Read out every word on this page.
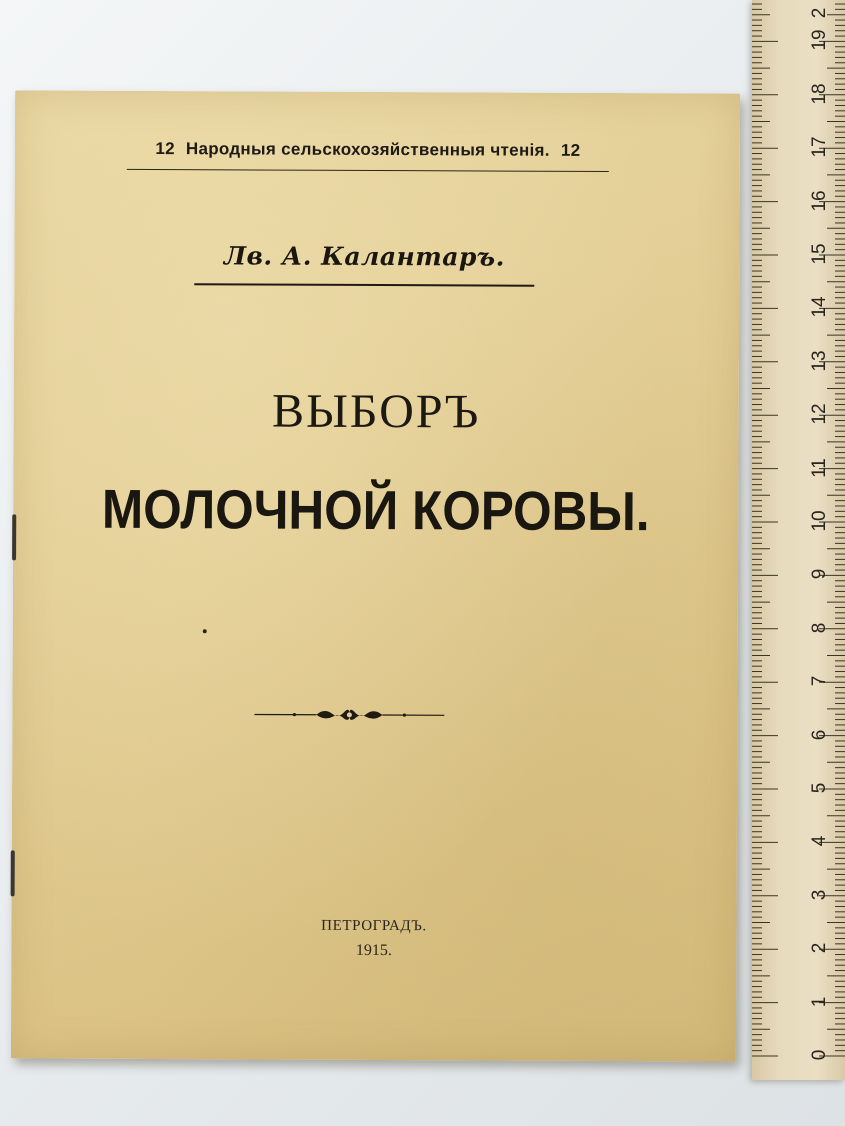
12 Народныя сельскохозяйственныя чтенія. 12
Лв. А. Калантаръ.
ВЫБОРЪ
МОЛОЧНОЙ КОРОВЫ.
ПЕТРОГРАДЪ.
1915.
0
1
2
3
4
5
6
7
8
9
10
11
12
13
14
15
16
17
18
19
2
